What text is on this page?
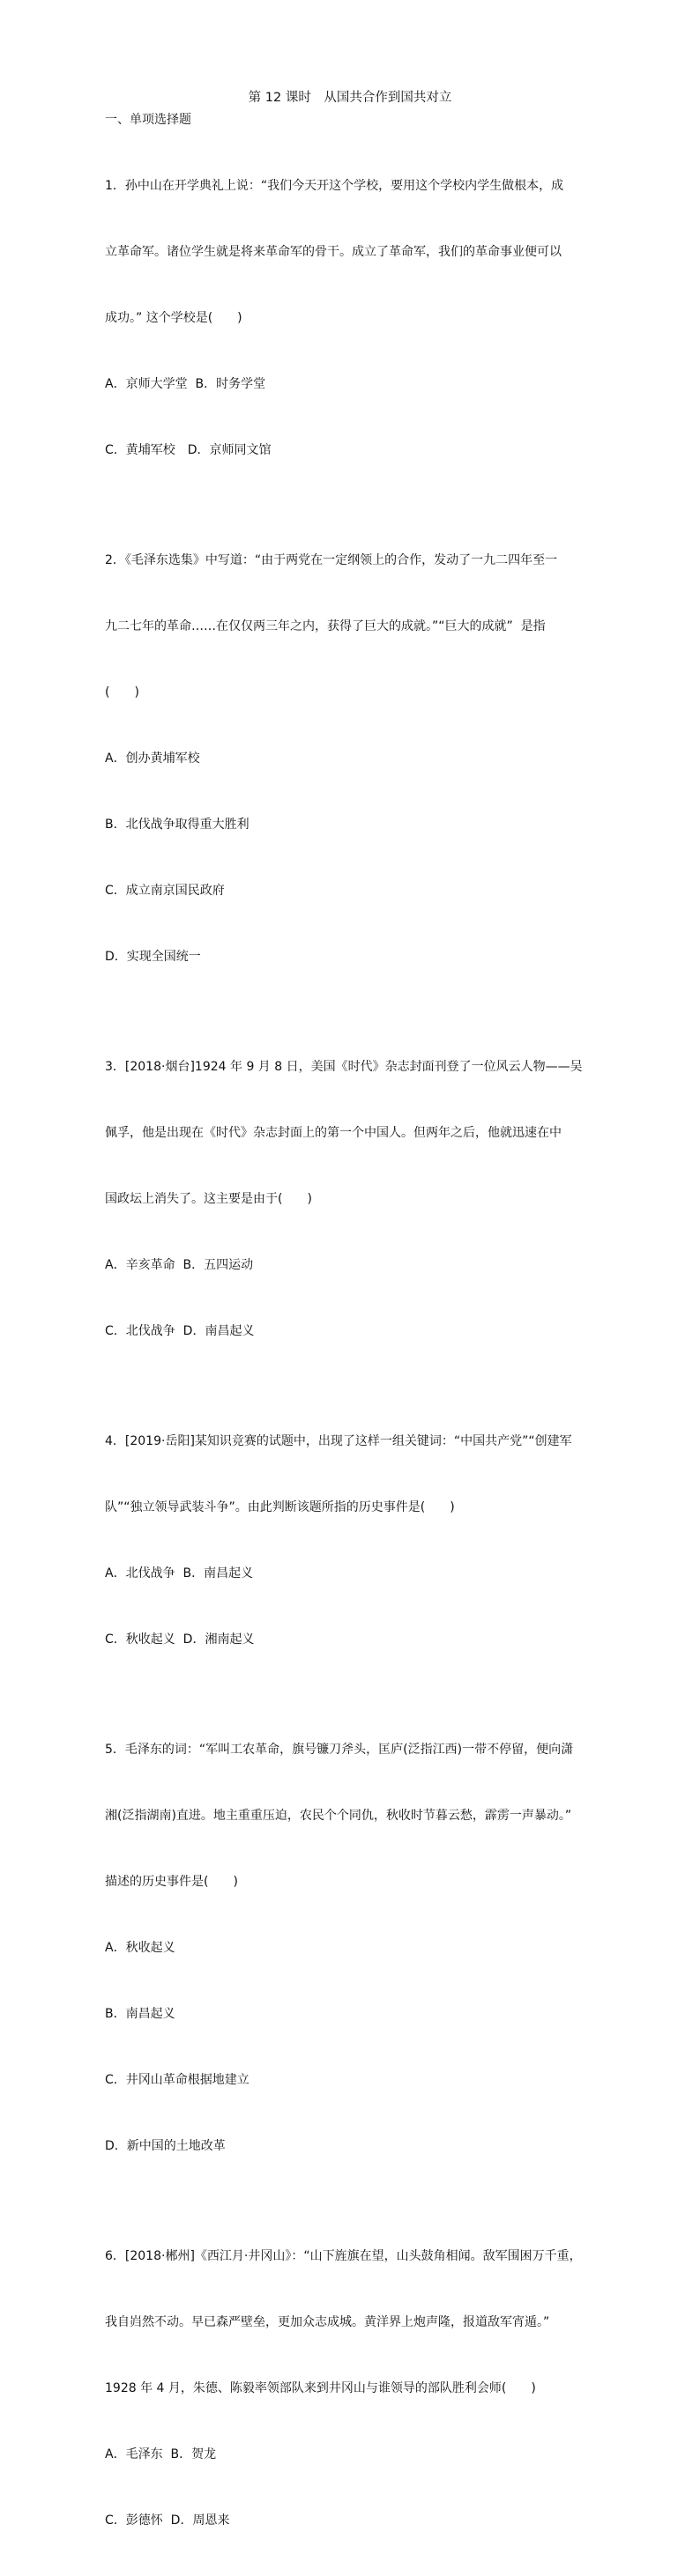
第 12 课时　从国共合作到国共对立

一、单项选择题

1．孙中山在开学典礼上说：“我们今天开这个学校，要用这个学校内学生做根本，成

立革命军。诸位学生就是将来革命军的骨干。成立了革命军，我们的革命事业便可以

成功。” 这个学校是(　　)

A．京师大学堂  B．时务学堂

C．黄埔军校　D．京师同文馆

2．《毛泽东选集》中写道：“由于两党在一定纲领上的合作，发动了一九二四年至一

九二七年的革命……在仅仅两三年之内，获得了巨大的成就。”“巨大的成就”  是指

(　　)

A．创办黄埔军校

B．北伐战争取得重大胜利

C．成立南京国民政府

D．实现全国统一

3．[2018·烟台]1924 年 9 月 8 日，美国《时代》杂志封面刊登了一位风云人物——吴

佩孚，他是出现在《时代》杂志封面上的第一个中国人。但两年之后，他就迅速在中

国政坛上消失了。这主要是由于(　　)

A．辛亥革命  B．五四运动

C．北伐战争  D．南昌起义

4．[2019·岳阳]某知识竞赛的试题中，出现了这样一组关键词：“中国共产党”“创建军

队”“独立领导武装斗争”。由此判断该题所指的历史事件是(　　)

A．北伐战争  B．南昌起义

C．秋收起义  D．湘南起义

5．毛泽东的词：“军叫工农革命，旗号镰刀斧头，匡庐(泛指江西)一带不停留，便向潇

湘(泛指湖南)直进。地主重重压迫，农民个个同仇，秋收时节暮云愁，霹雳一声暴动。”

描述的历史事件是(　　)

A．秋收起义

B．南昌起义

C．井冈山革命根据地建立

D．新中国的土地改革

6．[2018·郴州]《西江月·井冈山》：“山下旌旗在望，山头鼓角相闻。敌军围困万千重，

我自岿然不动。早已森严壁垒，更加众志成城。黄洋界上炮声隆，报道敌军宵遁。”

1928 年 4 月，朱德、陈毅率领部队来到井冈山与谁领导的部队胜利会师(　　)

A．毛泽东  B．贺龙

C．彭德怀  D．周恩来
